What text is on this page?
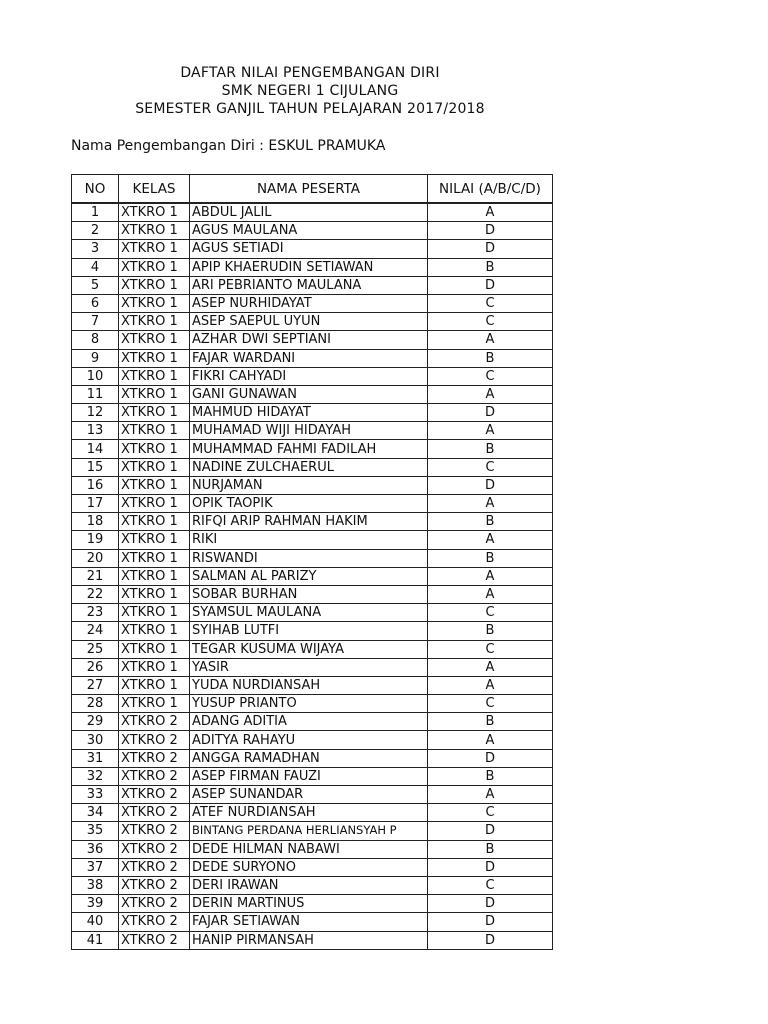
DAFTAR NILAI PENGEMBANGAN DIRI
SMK NEGERI 1 CIJULANG
SEMESTER GANJIL TAHUN PELAJARAN 2017/2018
Nama Pengembangan Diri : ESKUL PRAMUKA
NO	KELAS	NAMA PESERTA	NILAI (A/B/C/D)
1	XTKRO 1	ABDUL JALIL	A
2	XTKRO 1	AGUS MAULANA	D
3	XTKRO 1	AGUS SETIADI	D
4	XTKRO 1	APIP KHAERUDIN SETIAWAN	B
5	XTKRO 1	ARI PEBRIANTO MAULANA	D
6	XTKRO 1	ASEP NURHIDAYAT	C
7	XTKRO 1	ASEP SAEPUL UYUN	C
8	XTKRO 1	AZHAR DWI SEPTIANI	A
9	XTKRO 1	FAJAR WARDANI	B
10	XTKRO 1	FIKRI CAHYADI	C
11	XTKRO 1	GANI GUNAWAN	A
12	XTKRO 1	MAHMUD HIDAYAT	D
13	XTKRO 1	MUHAMAD WIJI HIDAYAH	A
14	XTKRO 1	MUHAMMAD FAHMI FADILAH	B
15	XTKRO 1	NADINE ZULCHAERUL	C
16	XTKRO 1	NURJAMAN	D
17	XTKRO 1	OPIK TAOPIK	A
18	XTKRO 1	RIFQI ARIP RAHMAN HAKIM	B
19	XTKRO 1	RIKI	A
20	XTKRO 1	RISWANDI	B
21	XTKRO 1	SALMAN AL PARIZY	A
22	XTKRO 1	SOBAR BURHAN	A
23	XTKRO 1	SYAMSUL MAULANA	C
24	XTKRO 1	SYIHAB LUTFI	B
25	XTKRO 1	TEGAR KUSUMA WIJAYA	C
26	XTKRO 1	YASIR	A
27	XTKRO 1	YUDA NURDIANSAH	A
28	XTKRO 1	YUSUP PRIANTO	C
29	XTKRO 2	ADANG ADITIA	B
30	XTKRO 2	ADITYA RAHAYU	A
31	XTKRO 2	ANGGA RAMADHAN	D
32	XTKRO 2	ASEP FIRMAN FAUZI	B
33	XTKRO 2	ASEP SUNANDAR	A
34	XTKRO 2	ATEF NURDIANSAH	C
35	XTKRO 2	BINTANG PERDANA HERLIANSYAH P	D
36	XTKRO 2	DEDE HILMAN NABAWI	B
37	XTKRO 2	DEDE SURYONO	D
38	XTKRO 2	DERI IRAWAN	C
39	XTKRO 2	DERIN MARTINUS	D
40	XTKRO 2	FAJAR SETIAWAN	D
41	XTKRO 2	HANIP PIRMANSAH	D
